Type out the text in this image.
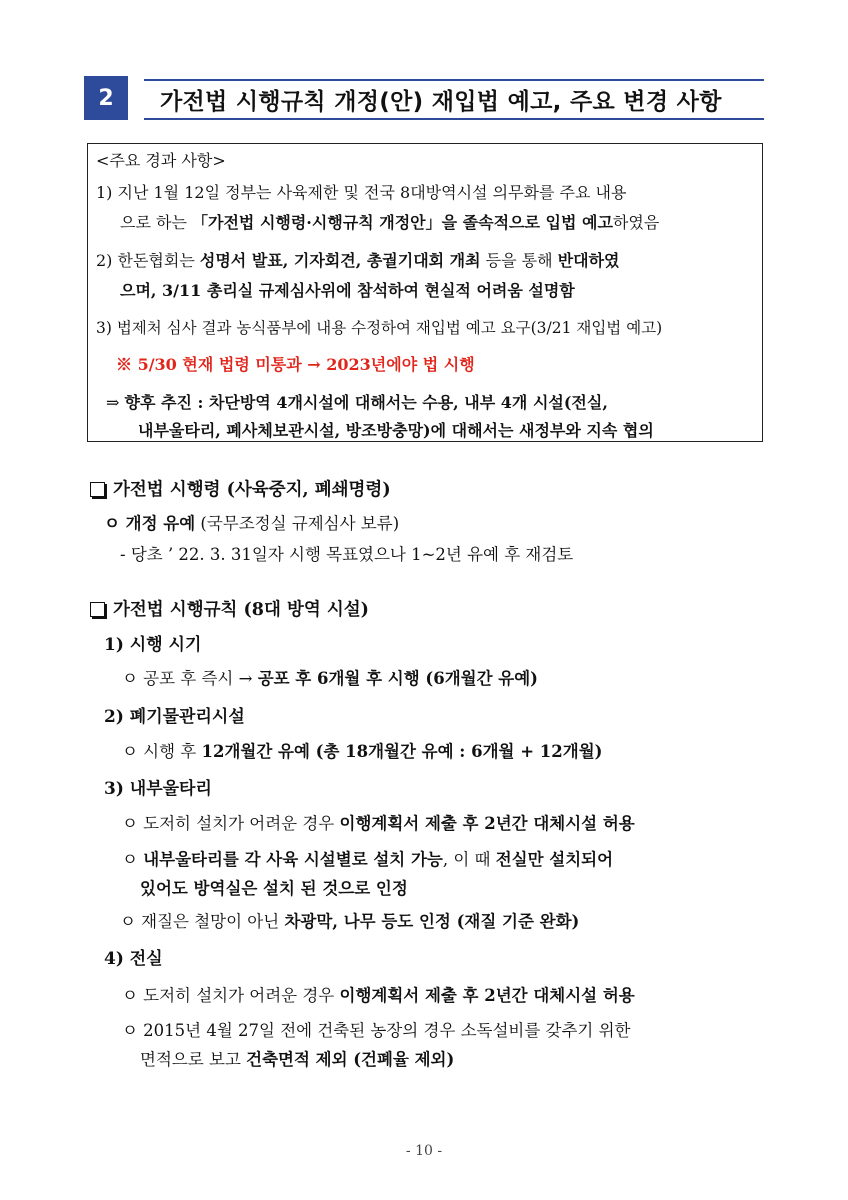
2	가전법 시행규칙 개정(안) 재입법 예고, 주요 변경 사항
<주요 경과 사항>
1) 지난 1월 12일 정부는 사육제한 및 전국 8대방역시설 의무화를 주요 내용
으로 하는 「가전법 시행령·시행규칙 개정안」을 졸속적으로 입법 예고하였음
2) 한돈협회는 성명서 발표, 기자회견, 총궐기대회 개최 등을 통해 반대하였
으며, 3/11 총리실 규제심사위에 참석하여 현실적 어려움 설명함
3) 법제처 심사 결과 농식품부에 내용 수정하여 재입법 예고 요구(3/21 재입법 예고)
※ 5/30 현재 법령 미통과 → 2023년에야 법 시행
⇒ 향후 추진 : 차단방역 4개시설에 대해서는 수용, 내부 4개 시설(전실,
내부울타리, 폐사체보관시설, 방조방충망)에 대해서는 새정부와 지속 협의
가전법 시행령 (사육중지, 폐쇄명령)
ㅇ 개정 유예 (국무조정실 규제심사 보류)
- 당초 ’ 22. 3. 31일자 시행 목표였으나 1~2년 유예 후 재검토
가전법 시행규칙 (8대 방역 시설)
1) 시행 시기
ㅇ 공포 후 즉시 → 공포 후 6개월 후 시행 (6개월간 유예)
2) 폐기물관리시설
ㅇ 시행 후 12개월간 유예 (총 18개월간 유예 : 6개월 + 12개월)
3) 내부울타리
ㅇ 도저히 설치가 어려운 경우 이행계획서 제출 후 2년간 대체시설 허용
ㅇ 내부울타리를 각 사육 시설별로 설치 가능, 이 때 전실만 설치되어
있어도 방역실은 설치 된 것으로 인정
ㅇ 재질은 철망이 아닌 차광막, 나무 등도 인정 (재질 기준 완화)
4) 전실
ㅇ 도저히 설치가 어려운 경우 이행계획서 제출 후 2년간 대체시설 허용
ㅇ 2015년 4월 27일 전에 건축된 농장의 경우 소독설비를 갖추기 위한
면적으로 보고 건축면적 제외 (건폐율 제외)
- 10 -
